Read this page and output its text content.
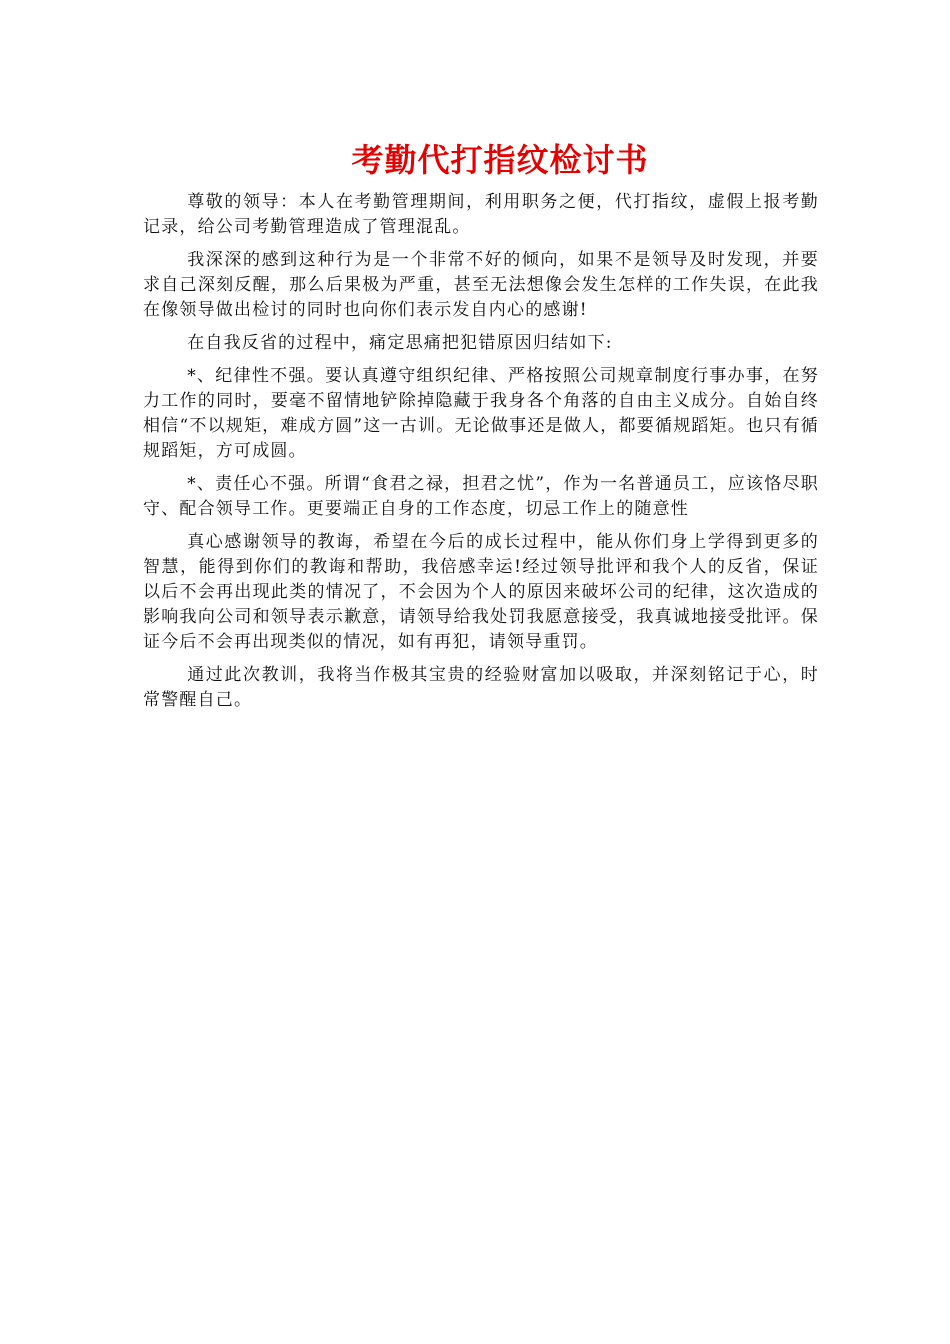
考勤代打指纹检讨书

尊敬的领导：本人在考勤管理期间，利用职务之便，代打指纹，虚假上报考勤记录，给公司考勤管理造成了管理混乱。

我深深的感到这种行为是一个非常不好的倾向，如果不是领导及时发现，并要求自己深刻反醒，那么后果极为严重，甚至无法想像会发生怎样的工作失误，在此我在像领导做出检讨的同时也向你们表示发自内心的感谢!

在自我反省的过程中，痛定思痛把犯错原因归结如下:

*、纪律性不强。要认真遵守组织纪律、严格按照公司规章制度行事办事，在努力工作的同时，要毫不留情地铲除掉隐藏于我身各个角落的自由主义成分。自始自终相信“不以规矩，难成方圆”这一古训。无论做事还是做人，都要循规蹈矩。也只有循规蹈矩，方可成圆。

*、责任心不强。所谓“食君之禄，担君之忧”，作为一名普通员工，应该恪尽职守、配合领导工作。更要端正自身的工作态度，切忌工作上的随意性

真心感谢领导的教诲，希望在今后的成长过程中，能从你们身上学得到更多的智慧，能得到你们的教诲和帮助，我倍感幸运!经过领导批评和我个人的反省，保证以后不会再出现此类的情况了，不会因为个人的原因来破坏公司的纪律，这次造成的影响我向公司和领导表示歉意，请领导给我处罚我愿意接受，我真诚地接受批评。保证今后不会再出现类似的情况，如有再犯，请领导重罚。

通过此次教训，我将当作极其宝贵的经验财富加以吸取，并深刻铭记于心，时常警醒自己。
